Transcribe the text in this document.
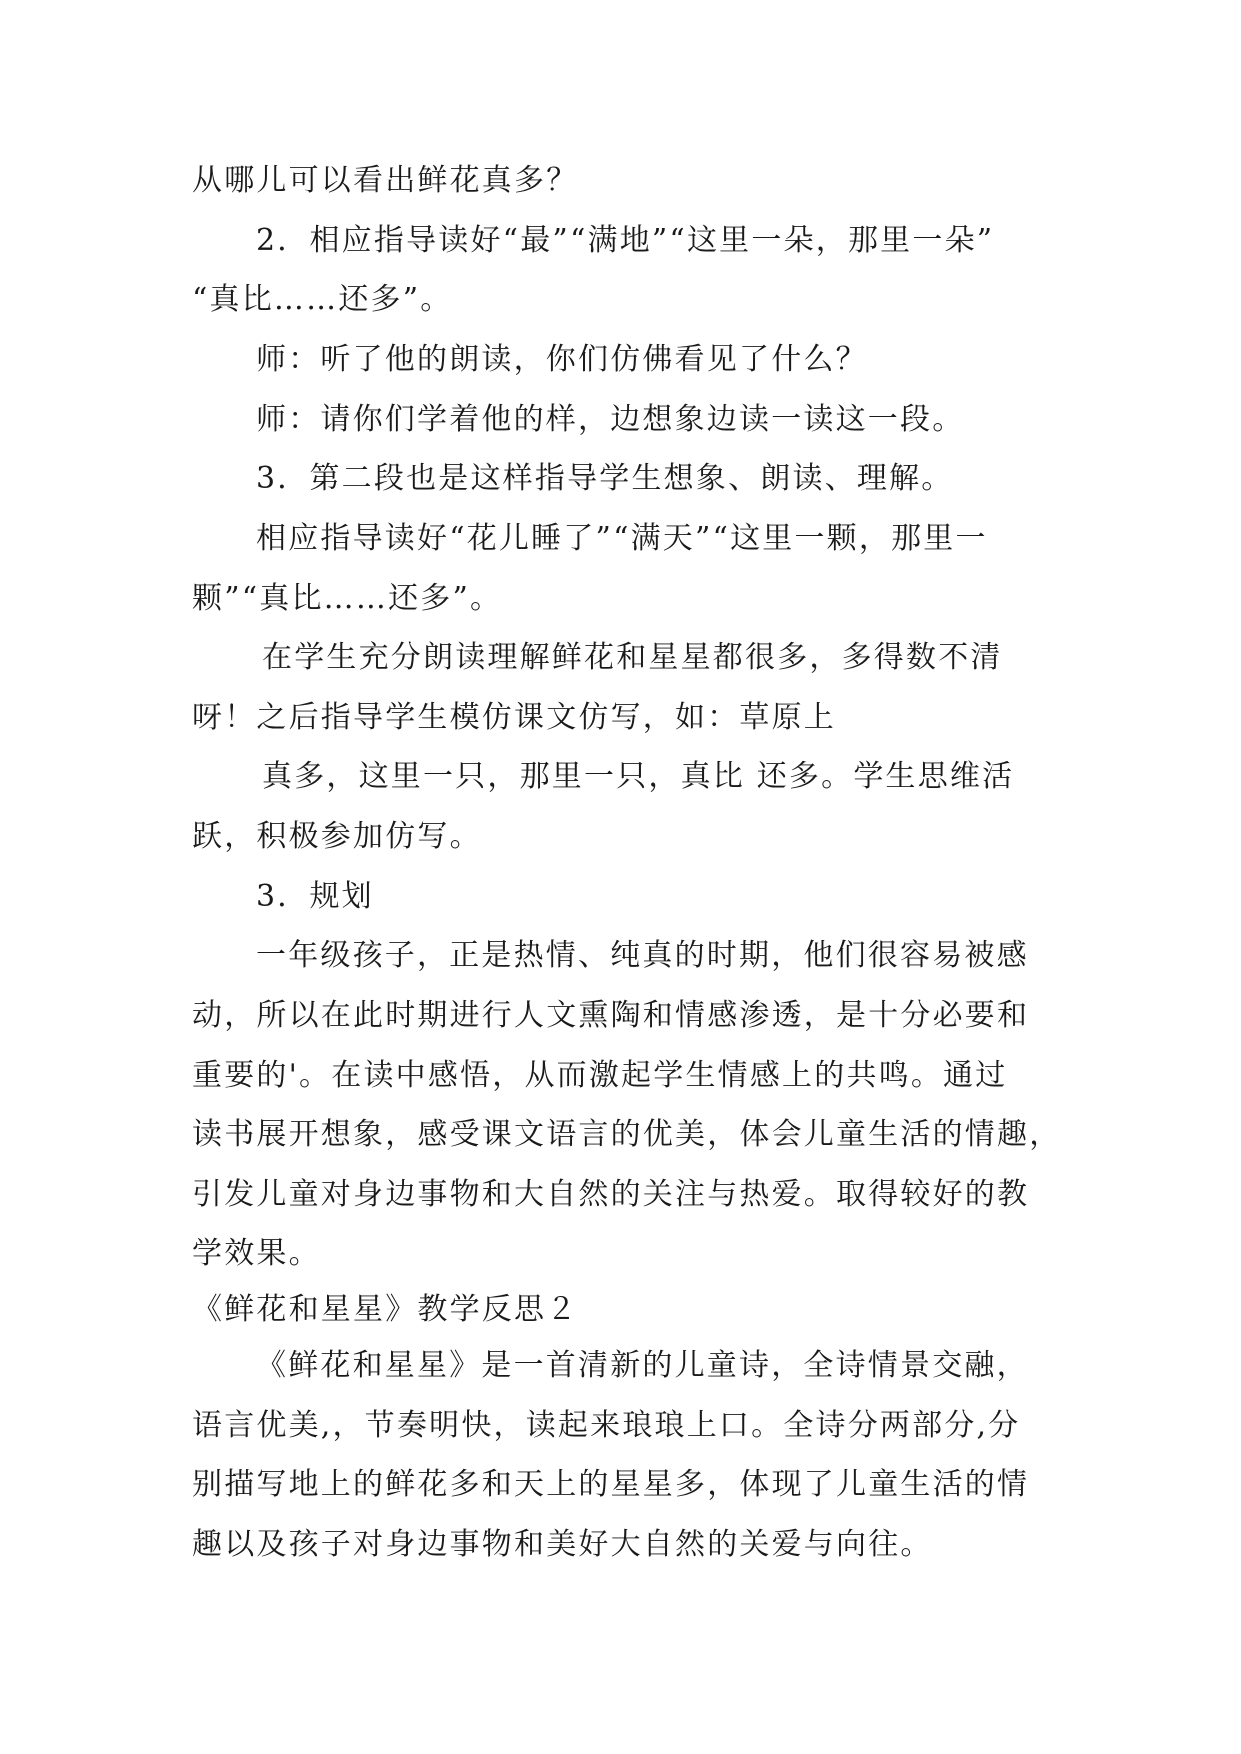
从哪儿可以看出鲜花真多？
2．相应指导读好“最”“满地”“这里一朵，那里一朵”
“真比……还多”。
师：听了他的朗读，你们仿佛看见了什么？
师：请你们学着他的样，边想象边读一读这一段。
3．第二段也是这样指导学生想象、朗读、理解。
相应指导读好“花儿睡了”“满天”“这里一颗，那里一
颗”“真比……还多”。
在学生充分朗读理解鲜花和星星都很多，多得数不清
呀！之后指导学生模仿课文仿写，如：草原上
真多，这里一只，那里一只，真比 还多。学生思维活
跃，积极参加仿写。
3．规划
一年级孩子，正是热情、纯真的时期，他们很容易被感
动，所以在此时期进行人文熏陶和情感渗透，是十分必要和
重要的'。在读中感悟，从而激起学生情感上的共鸣。通过
读书展开想象，感受课文语言的优美，体会儿童生活的情趣，
引发儿童对身边事物和大自然的关注与热爱。取得较好的教
学效果。
《鲜花和星星》教学反思２
《鲜花和星星》是一首清新的儿童诗，全诗情景交融，
语言优美,，节奏明快，读起来琅琅上口。全诗分两部分,分
别描写地上的鲜花多和天上的星星多，体现了儿童生活的情
趣以及孩子对身边事物和美好大自然的关爱与向往。
